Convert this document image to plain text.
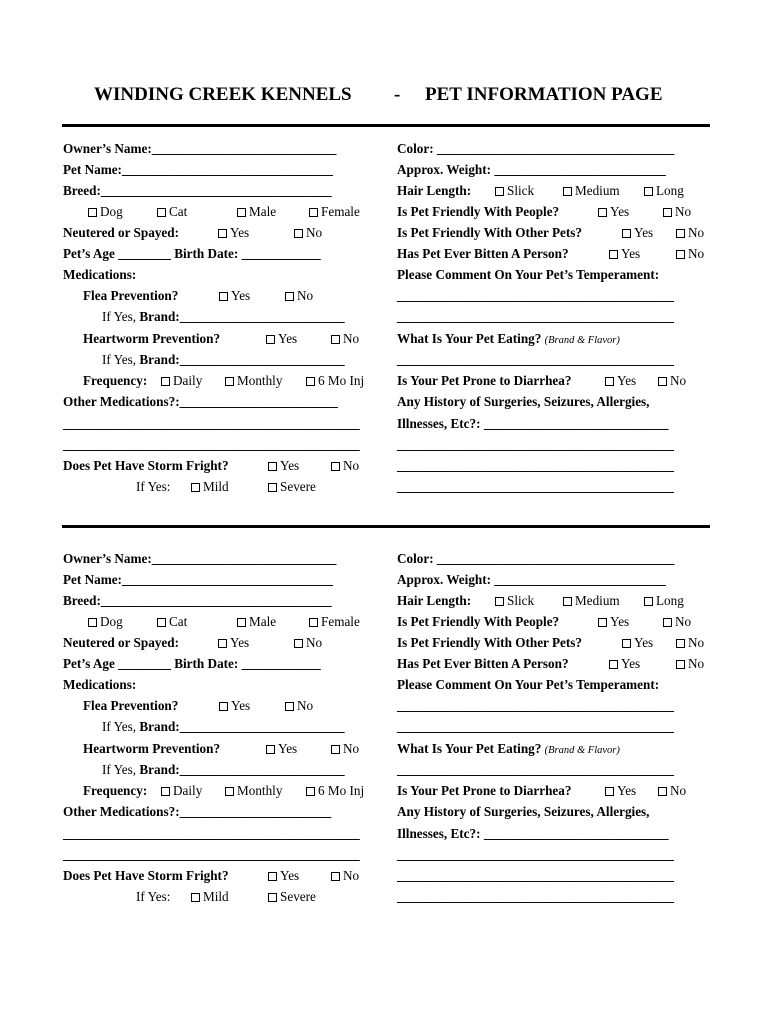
WINDING CREEK KENNELS - PET INFORMATION PAGE
Owner’s Name:____________________________
Pet Name:________________________________
Breed:___________________________________
Dog	Cat	Male	Female
Neutered or Spayed:	Yes	No
Pet’s Age ________ Birth Date: ____________
Medications:
Flea Prevention?	Yes	No
If Yes, Brand:_________________________
Heartworm Prevention?	Yes	No
If Yes, Brand:_________________________
Frequency:	Daily	Monthly	6 Mo Inj
Other Medications?:________________________
_____________________________________________
_____________________________________________
Does Pet Have Storm Fright?	Yes	No
If Yes:	Mild	Severe
Color: ____________________________________
Approx. Weight: __________________________
Hair Length:	Slick	Medium	Long
Is Pet Friendly With People?	Yes	No
Is Pet Friendly With Other Pets?	Yes	No
Has Pet Ever Bitten A Person?	Yes	No
Please Comment On Your Pet’s Temperament:
__________________________________________
__________________________________________
What Is Your Pet Eating? (Brand & Flavor)
__________________________________________
Is Your Pet Prone to Diarrhea?	Yes	No
Any History of Surgeries, Seizures, Allergies,
Illnesses, Etc?: ____________________________
__________________________________________
__________________________________________
__________________________________________
Owner’s Name:____________________________
Pet Name:________________________________
Breed:___________________________________
Dog	Cat	Male	Female
Neutered or Spayed:	Yes	No
Pet’s Age ________ Birth Date: ____________
Medications:
Flea Prevention?	Yes	No
If Yes, Brand:_________________________
Heartworm Prevention?	Yes	No
If Yes, Brand:_________________________
Frequency:	Daily	Monthly	6 Mo Inj
Other Medications?:_______________________
_____________________________________________
_____________________________________________
Does Pet Have Storm Fright?	Yes	No
If Yes:	Mild	Severe
Color: ____________________________________
Approx. Weight: __________________________
Hair Length:	Slick	Medium	Long
Is Pet Friendly With People?	Yes	No
Is Pet Friendly With Other Pets?	Yes	No
Has Pet Ever Bitten A Person?	Yes	No
Please Comment On Your Pet’s Temperament:
__________________________________________
__________________________________________
What Is Your Pet Eating? (Brand & Flavor)
__________________________________________
Is Your Pet Prone to Diarrhea?	Yes	No
Any History of Surgeries, Seizures, Allergies,
Illnesses, Etc?: ____________________________
__________________________________________
__________________________________________
__________________________________________
